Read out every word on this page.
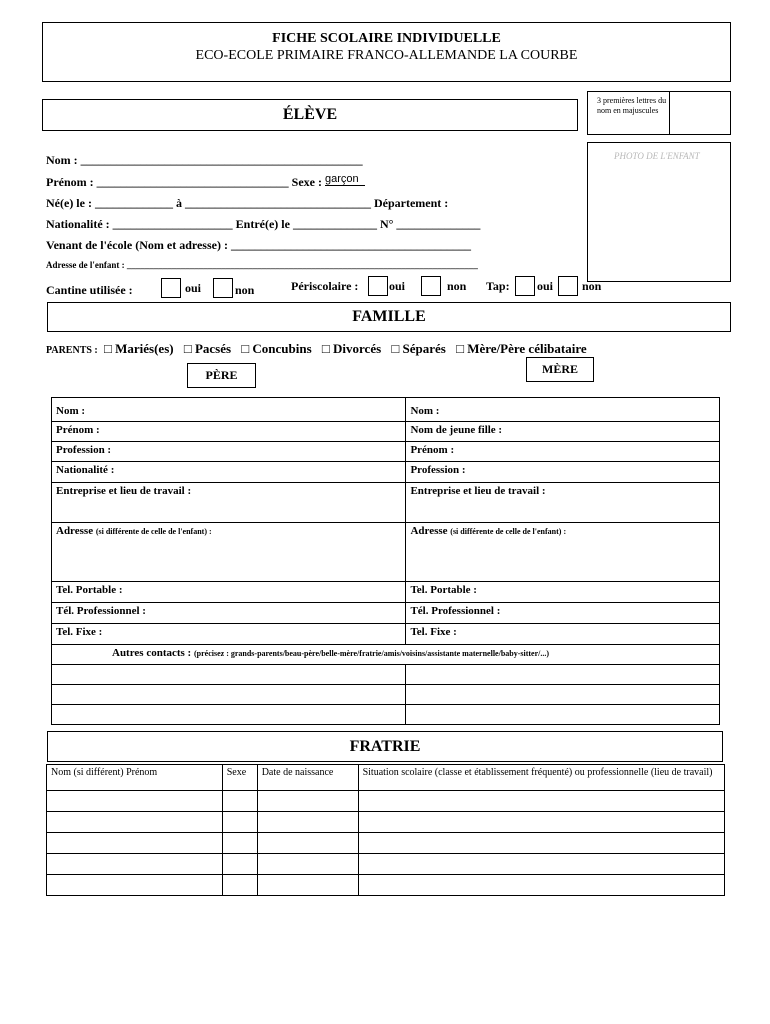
FICHE SCOLAIRE INDIVIDUELLE
ECO-ECOLE PRIMAIRE FRANCO-ALLEMANDE LA COURBE
ÉLÈVE
3 premières lettres du nom en majuscules
PHOTO DE L'ENFANT
Nom : _______________________________________________
Prénom : ________________________________ Sexe : garçon
Né(e) le : _____________ à _______________________________ Département :
Nationalité : ____________________ Entré(e) le ______________ N° ______________
Venant de l'école (Nom et adresse) : ________________________________________
Adresse de l'enfant : ______________________________________________________________________________
Cantine utilisée :	oui	non	Périscolaire :	oui	non Tap: oui non
FAMILLE
PARENTS : □ Mariés(es) □ Pacsés □ Concubins □ Divorcés □ Séparés □ Mère/Père célibataire
PÈRE	MÈRE
Nom :	Nom :
Prénom :	Nom de jeune fille :
Profession :	Prénom :
Nationalité :	Profession :
Entreprise et lieu de travail :	Entreprise et lieu de travail :
Adresse (si différente de celle de l'enfant) :	Adresse (si différente de celle de l'enfant) :
Tel. Portable :	Tel. Portable :
Tél. Professionnel :	Tél. Professionnel :
Tel. Fixe :	Tel. Fixe :
Autres contacts : (précisez : grands-parents/beau-père/belle-mère/fratrie/amis/voisins/assistante maternelle/baby-sitter/...)	

FRATRIE
Nom (si différent) Prénom	Sexe	Date de naissance	Situation scolaire (classe et établissement fréquenté) ou professionnelle (lieu de travail)
